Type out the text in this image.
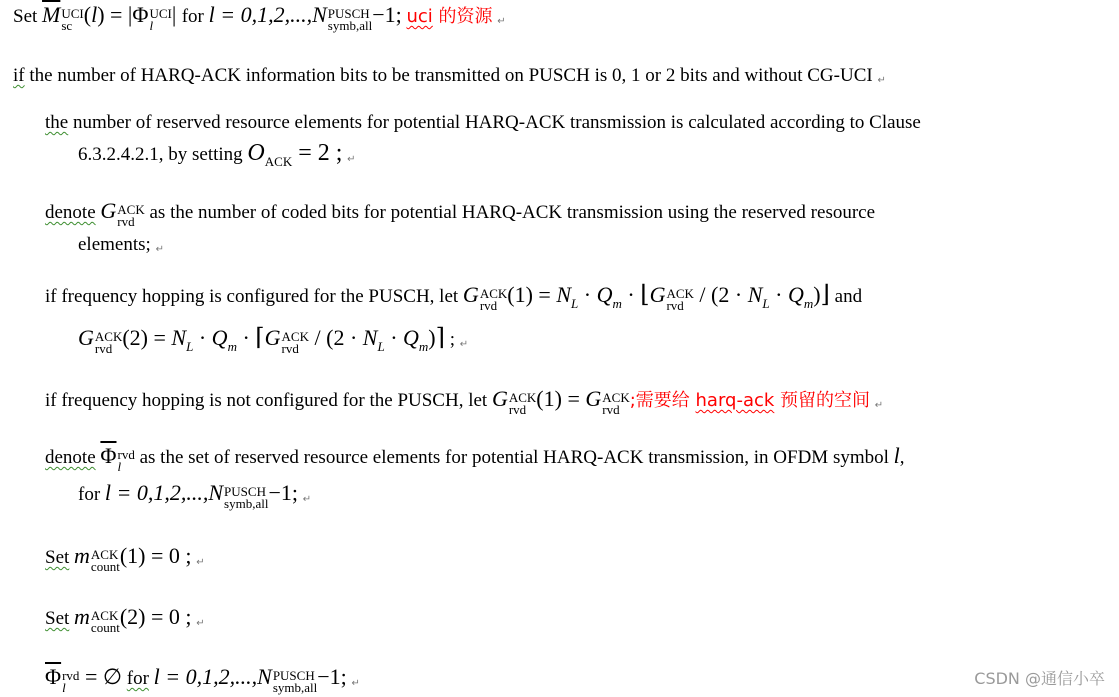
Set $\overline{M}$ UCI
sc (l) = |Φ UCI
l | for l = 0,1,2,...,N PUSCH
symb,all −1; uci 的资源 ↵
if the number of HARQ-ACK information bits to be transmitted on PUSCH is 0, 1 or 2 bits and without CG-UCI ↵
the number of reserved resource elements for potential HARQ-ACK transmission is calculated according to Clause
6.3.2.4.2.1, by setting $O_{ACK} = 2$ ; ↵
denote G ACK
rvd as the number of coded bits for potential HARQ-ACK transmission using the reserved resource
elements; ↵
if frequency hopping is configured for the PUSCH, let G ACK
rvd $(1) = N_L \cdot Q_m$ · ⌊G ACK
rvd / ($2 \cdot N_L$ · $Q_m)⌋$ and
G ACK
rvd $(2) = N_L \cdot Q_m$ · ⌈G ACK
rvd / ($2 \cdot N_L$ · $Q_m)⌉$ ; ↵
if frequency hopping is not configured for the PUSCH, let G ACK
rvd (1) = G ACK
rvd ;需要给 harq-ack 预留的空间 ↵
denote $\overline{\Phi}$ rvd
l as the set of reserved resource elements for potential HARQ-ACK transmission, in OFDM symbol l,
for l = 0,1,2,...,N PUSCH
symb,all −1; ↵
Set m ACK
count (1) = 0 ; ↵
Set m ACK
count (2) = 0 ; ↵
$\overline{\Phi}$ rvd
l = ∅ for l = 0,1,2,...,N PUSCH
symb,all −1; ↵	CSDN @通信小卒
